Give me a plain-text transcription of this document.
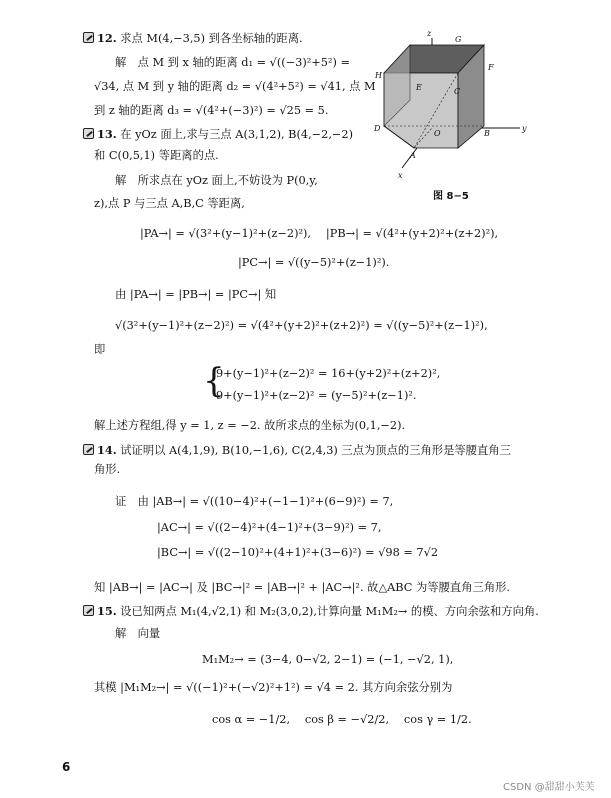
12. 求点 M(4,−3,5) 到各坐标轴的距离.
解　点 M 到 x 轴的距离 d₁ = √((−3)²+5²) =
√34, 点 M 到 y 轴的距离 d₂ = √(4²+5²) = √41, 点 M
到 z 轴的距离 d₃ = √(4²+(−3)²) = √25 = 5.
z
G
F
H
E	C
D
O	B
y
A
x
图 8−5
13. 在 yOz 面上,求与三点 A(3,1,2), B(4,−2,−2)
和 C(0,5,1) 等距离的点.
解　所求点在 yOz 面上,不妨设为 P(0,y,
z),点 P 与三点 A,B,C 等距离,
|PA→| = √(3²+(y−1)²+(z−2)²),　 |PB→| = √(4²+(y+2)²+(z+2)²),
|PC→| = √((y−5)²+(z−1)²).
由 |PA→| = |PB→| = |PC→| 知
√(3²+(y−1)²+(z−2)²) = √(4²+(y+2)²+(z+2)²) = √((y−5)²+(z−1)²),
即
{
9+(y−1)²+(z−2)² = 16+(y+2)²+(z+2)²,
9+(y−1)²+(z−2)² = (y−5)²+(z−1)².
解上述方程组,得 y = 1, z = −2. 故所求点的坐标为(0,1,−2).
14. 试证明以 A(4,1,9), B(10,−1,6), C(2,4,3) 三点为顶点的三角形是等腰直角三
角形.
证　由 |AB→| = √((10−4)²+(−1−1)²+(6−9)²) = 7,
|AC→| = √((2−4)²+(4−1)²+(3−9)²) = 7,
|BC→| = √((2−10)²+(4+1)²+(3−6)²) = √98 = 7√2
知 |AB→| = |AC→| 及 |BC→|² = |AB→|² + |AC→|². 故△ABC 为等腰直角三角形.
15. 设已知两点 M₁(4,√2,1) 和 M₂(3,0,2),计算向量 M₁M₂→ 的模、方向余弦和方向角.
解　向量
M₁M₂→ = (3−4, 0−√2, 2−1) = (−1, −√2, 1),
其模 |M₁M₂→| = √((−1)²+(−√2)²+1²) = √4 = 2. 其方向余弦分别为
cos α = −1/2,　 cos β = −√2/2,　 cos γ = 1/2.
6
CSDN @甜甜小芙芙
